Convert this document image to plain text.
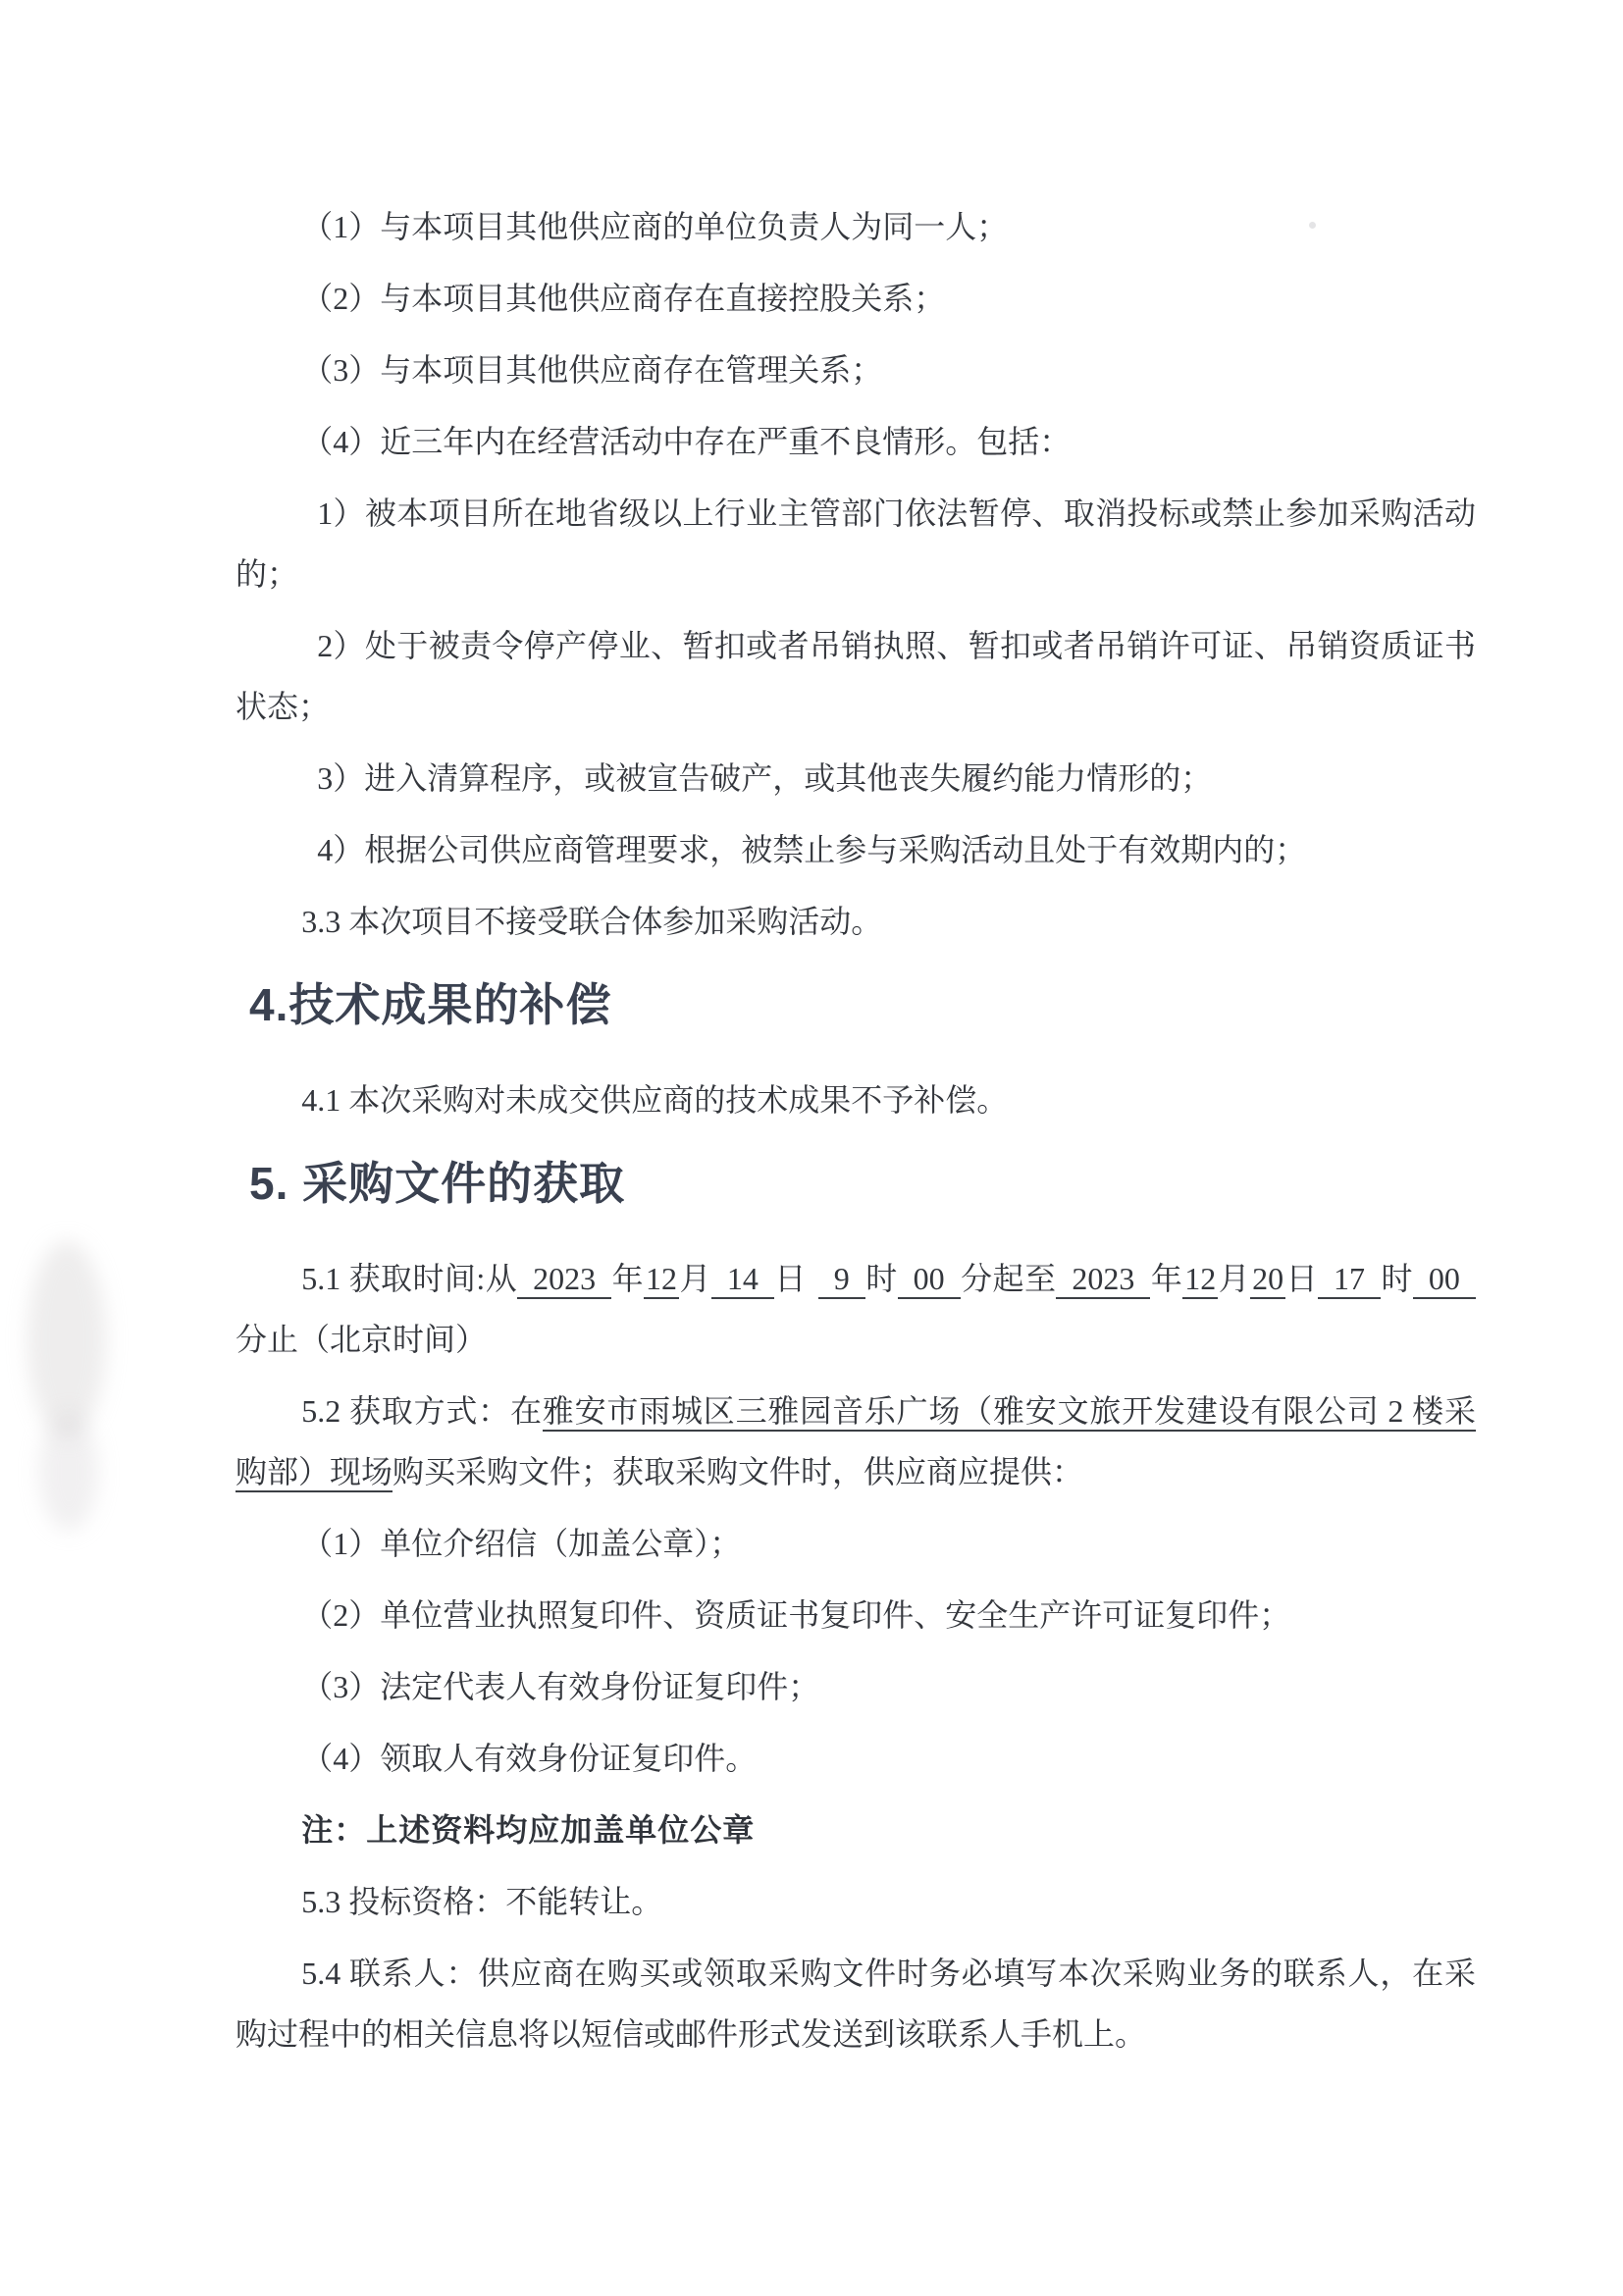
（1）与本项目其他供应商的单位负责人为同一人；

（2）与本项目其他供应商存在直接控股关系；

（3）与本项目其他供应商存在管理关系；

（4）近三年内在经营活动中存在严重不良情形。包括：

1）被本项目所在地省级以上行业主管部门依法暂停、取消投标或禁止参加采购活动的；

2）处于被责令停产停业、暂扣或者吊销执照、暂扣或者吊销许可证、吊销资质证书状态；

3）进入清算程序，或被宣告破产，或其他丧失履约能力情形的；

4）根据公司供应商管理要求，被禁止参与采购活动且处于有效期内的；

3.3 本次项目不接受联合体参加采购活动。

4.技术成果的补偿

4.1 本次采购对未成交供应商的技术成果不予补偿。

5. 采购文件的获取

5.1 获取时间:从 2023 年12月 14 日 9 时 00 分起至 2023 年12月20日 17 时 00分止（北京时间）

5.2 获取方式：在雅安市雨城区三雅园音乐广场（雅安文旅开发建设有限公司 2 楼采购部）现场购买采购文件；获取采购文件时，供应商应提供：

（1）单位介绍信（加盖公章）；

（2）单位营业执照复印件、资质证书复印件、安全生产许可证复印件；

（3）法定代表人有效身份证复印件；

（4）领取人有效身份证复印件。

注：上述资料均应加盖单位公章

5.3 投标资格：不能转让。

5.4 联系人：供应商在购买或领取采购文件时务必填写本次采购业务的联系人，在采购过程中的相关信息将以短信或邮件形式发送到该联系人手机上。
